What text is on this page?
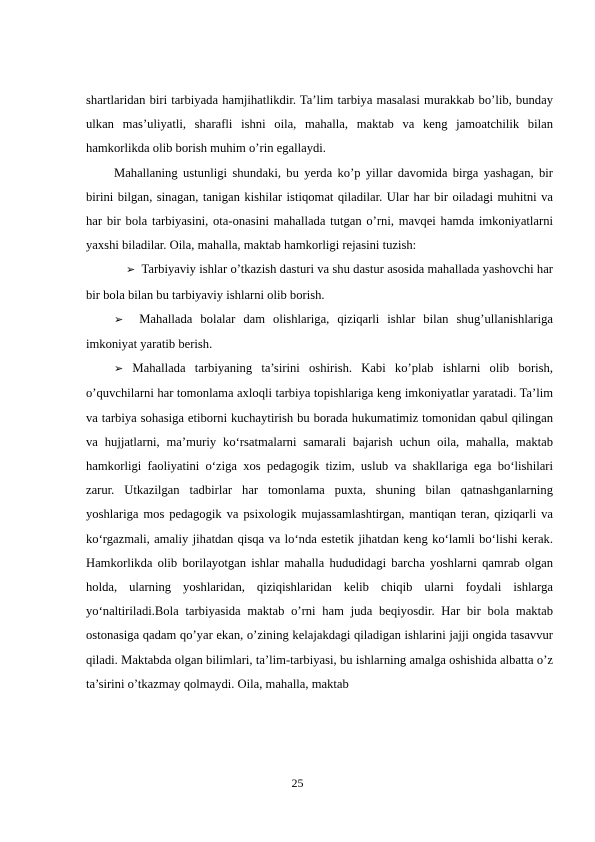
shartlaridan biri tarbiyada hamjihatlikdir. Ta’lim tarbiya masalasi murakkab bo’lib, bunday ulkan mas’uliyatli, sharafli ishni oila, mahalla, maktab va keng jamoatchilik bilan hamkorlikda olib borish muhim o’rin egallaydi.

Mahallaning ustunligi shundaki, bu yerda ko’p yillar davomida birga yashagan, bir birini bilgan, sinagan, tanigan kishilar istiqomat qiladilar. Ular har bir oiladagi muhitni va har bir bola tarbiyasini, ota-onasini mahallada tutgan o’rni, mavqei hamda imkoniyatlarni yaxshi biladilar. Oila, mahalla, maktab hamkorligi rejasini tuzish:

➢ Tarbiyaviy ishlar o’tkazish dasturi va shu dastur asosida mahallada yashovchi har bir bola bilan bu tarbiyaviy ishlarni olib borish.

➢ Mahallada bolalar dam olishlariga, qiziqarli ishlar bilan shug’ullanishlariga imkoniyat yaratib berish.

➢ Mahallada tarbiyaning ta’sirini oshirish. Kabi ko’plab ishlarni olib borish, o’quvchilarni har tomonlama axloqli tarbiya topishlariga keng imkoniyatlar yaratadi. Ta’lim va tarbiya sohasiga etiborni kuchaytirish bu borada hukumatimiz tomonidan qabul qilingan va hujjatlarni, ma’muriy ko‘rsatmalarni samarali bajarish uchun oila, mahalla, maktab hamkorligi faoliyatini o‘ziga xos pedagogik tizim, uslub va shakllariga ega bo‘lishilari zarur. Utkazilgan tadbirlar har tomonlama puxta, shuning bilan qatnashganlarning yoshlariga mos pedagogik va psixologik mujassamlashtirgan, mantiqan teran, qiziqarli va ko‘rgazmali, amaliy jihatdan qisqa va lo‘nda estetik jihatdan keng ko‘lamli bo‘lishi kerak. Hamkorlikda olib borilayotgan ishlar mahalla hududidagi barcha yoshlarni qamrab olgan holda, ularning yoshlaridan, qiziqishlaridan kelib chiqib ularni foydali ishlarga yo‘naltiriladi.Bola tarbiyasida maktab o’rni ham juda beqiyosdir. Har bir bola maktab ostonasiga qadam qo’yar ekan, o’zining kelajakdagi qiladigan ishlarini jajji ongida tasavvur qiladi. Maktabda olgan bilimlari, ta’lim-tarbiyasi, bu ishlarning amalga oshishida albatta o’z ta’sirini o’tkazmay qolmaydi. Oila, mahalla, maktab

25
